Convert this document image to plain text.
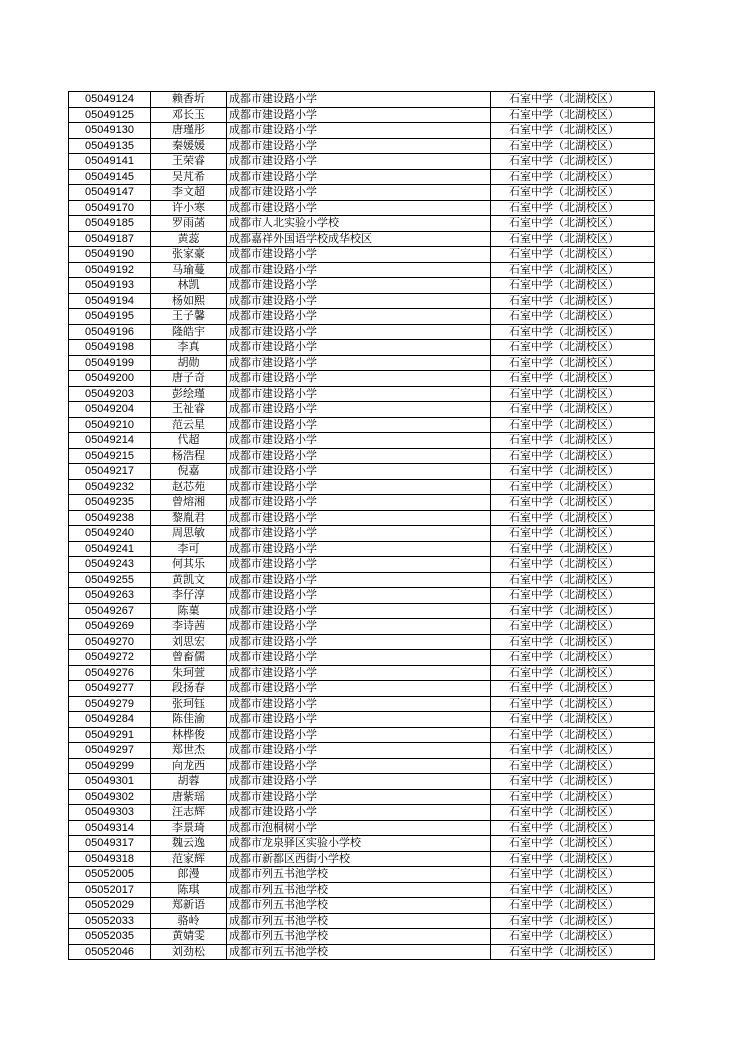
05049124	赖香圻	成都市建设路小学	石室中学（北湖校区）
05049125	邓长玉	成都市建设路小学	石室中学（北湖校区）
05049130	唐瑾彤	成都市建设路小学	石室中学（北湖校区）
05049135	秦媛媛	成都市建设路小学	石室中学（北湖校区）
05049141	王荣睿	成都市建设路小学	石室中学（北湖校区）
05049145	吴芃希	成都市建设路小学	石室中学（北湖校区）
05049147	李文超	成都市建设路小学	石室中学（北湖校区）
05049170	许小寒	成都市建设路小学	石室中学（北湖校区）
05049185	罗雨菡	成都市人北实验小学校	石室中学（北湖校区）
05049187	黄蕊	成都嘉祥外国语学校成华校区	石室中学（北湖校区）
05049190	张家豪	成都市建设路小学	石室中学（北湖校区）
05049192	马瑜蔓	成都市建设路小学	石室中学（北湖校区）
05049193	林凯	成都市建设路小学	石室中学（北湖校区）
05049194	杨如熙	成都市建设路小学	石室中学（北湖校区）
05049195	王子馨	成都市建设路小学	石室中学（北湖校区）
05049196	隆皓宇	成都市建设路小学	石室中学（北湖校区）
05049198	李真	成都市建设路小学	石室中学（北湖校区）
05049199	胡勋	成都市建设路小学	石室中学（北湖校区）
05049200	唐子奇	成都市建设路小学	石室中学（北湖校区）
05049203	彭绘瑾	成都市建设路小学	石室中学（北湖校区）
05049204	王祉睿	成都市建设路小学	石室中学（北湖校区）
05049210	范云星	成都市建设路小学	石室中学（北湖校区）
05049214	代超	成都市建设路小学	石室中学（北湖校区）
05049215	杨浩程	成都市建设路小学	石室中学（北湖校区）
05049217	倪嘉	成都市建设路小学	石室中学（北湖校区）
05049232	赵芯苑	成都市建设路小学	石室中学（北湖校区）
05049235	曾熔湘	成都市建设路小学	石室中学（北湖校区）
05049238	黎胤君	成都市建设路小学	石室中学（北湖校区）
05049240	周思敏	成都市建设路小学	石室中学（北湖校区）
05049241	李可	成都市建设路小学	石室中学（北湖校区）
05049243	何其乐	成都市建设路小学	石室中学（北湖校区）
05049255	黄凯文	成都市建设路小学	石室中学（北湖校区）
05049263	李仔淳	成都市建设路小学	石室中学（北湖校区）
05049267	陈菓	成都市建设路小学	石室中学（北湖校区）
05049269	李诗茜	成都市建设路小学	石室中学（北湖校区）
05049270	刘思宏	成都市建设路小学	石室中学（北湖校区）
05049272	曾畜儒	成都市建设路小学	石室中学（北湖校区）
05049276	朱珂萱	成都市建设路小学	石室中学（北湖校区）
05049277	段扬春	成都市建设路小学	石室中学（北湖校区）
05049279	张珂钰	成都市建设路小学	石室中学（北湖校区）
05049284	陈佳渝	成都市建设路小学	石室中学（北湖校区）
05049291	林桦俊	成都市建设路小学	石室中学（北湖校区）
05049297	郑世杰	成都市建设路小学	石室中学（北湖校区）
05049299	向龙西	成都市建设路小学	石室中学（北湖校区）
05049301	胡蓉	成都市建设路小学	石室中学（北湖校区）
05049302	唐紫瑶	成都市建设路小学	石室中学（北湖校区）
05049303	汪志辉	成都市建设路小学	石室中学（北湖校区）
05049314	李景琦	成都市泡桐树小学	石室中学（北湖校区）
05049317	魏云逸	成都市龙泉驿区实验小学校	石室中学（北湖校区）
05049318	范家辉	成都市新都区西街小学校	石室中学（北湖校区）
05052005	郎漫	成都市列五书池学校	石室中学（北湖校区）
05052017	陈琪	成都市列五书池学校	石室中学（北湖校区）
05052029	郑新语	成都市列五书池学校	石室中学（北湖校区）
05052033	骆岭	成都市列五书池学校	石室中学（北湖校区）
05052035	黄婧雯	成都市列五书池学校	石室中学（北湖校区）
05052046	刘劲松	成都市列五书池学校	石室中学（北湖校区）
